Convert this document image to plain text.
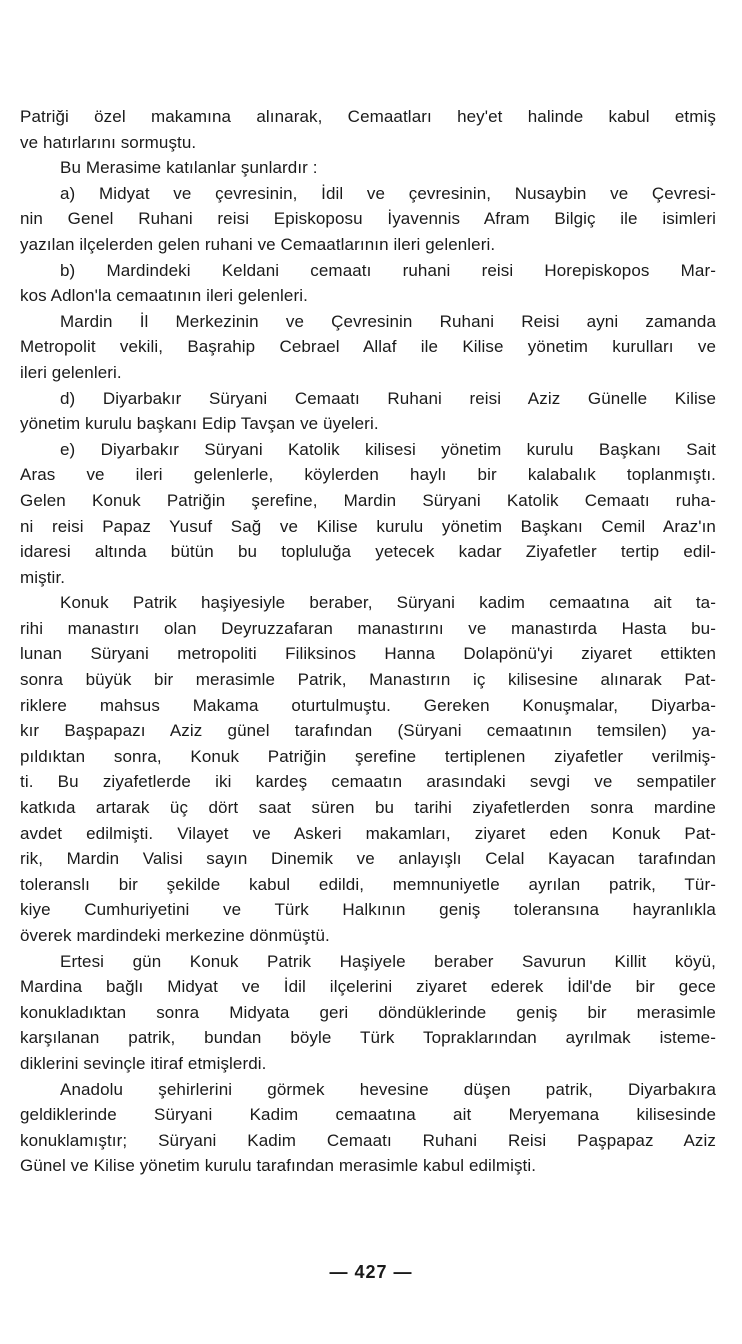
Patriği özel makamına alınarak, Cemaatları hey'et halinde kabul etmiş
ve hatırlarını sormuştu.
Bu Merasime katılanlar şunlardır :
a) Midyat ve çevresinin, İdil ve çevresinin, Nusaybin ve Çevresi-
nin Genel Ruhani reisi Episkoposu İyavennis Afram Bilgiç ile isimleri
yazılan ilçelerden gelen ruhani ve Cemaatlarının ileri gelenleri.
b) Mardindeki Keldani cemaatı ruhani reisi Horepiskopos Mar-
kos Adlon'la cemaatının ileri gelenleri.
Mardin İl Merkezinin ve Çevresinin Ruhani Reisi ayni zamanda
Metropolit vekili, Başrahip Cebrael Allaf ile Kilise yönetim kurulları ve
ileri gelenleri.
d) Diyarbakır Süryani Cemaatı Ruhani reisi Aziz Günelle Kilise
yönetim kurulu başkanı Edip Tavşan ve üyeleri.
e) Diyarbakır Süryani Katolik kilisesi yönetim kurulu Başkanı Sait
Aras ve ileri gelenlerle, köylerden haylı bir kalabalık toplanmıştı.
Gelen Konuk Patriğin şerefine, Mardin Süryani Katolik Cemaatı ruha-
ni reisi Papaz Yusuf Sağ ve Kilise kurulu yönetim Başkanı Cemil Araz'ın
idaresi altında bütün bu topluluğa yetecek kadar Ziyafetler tertip edil-
miştir.
Konuk Patrik haşiyesiyle beraber, Süryani kadim cemaatına ait ta-
rihi manastırı olan Deyruzzafaran manastırını ve manastırda Hasta bu-
lunan Süryani metropoliti Filiksinos Hanna Dolapönü'yi ziyaret ettikten
sonra büyük bir merasimle Patrik, Manastırın iç kilisesine alınarak Pat-
riklere mahsus Makama oturtulmuştu. Gereken Konuşmalar, Diyarba-
kır Başpapazı Aziz günel tarafından (Süryani cemaatının temsilen) ya-
pıldıktan sonra, Konuk Patriğin şerefine tertiplenen ziyafetler verilmiş-
ti. Bu ziyafetlerde iki kardeş cemaatın arasındaki sevgi ve sempatiler
katkıda artarak üç dört saat süren bu tarihi ziyafetlerden sonra mardine
avdet edilmişti. Vilayet ve Askeri makamları, ziyaret eden Konuk Pat-
rik, Mardin Valisi sayın Dinemik ve anlayışlı Celal Kayacan tarafından
toleranslı bir şekilde kabul edildi, memnuniyetle ayrılan patrik, Tür-
kiye Cumhuriyetini ve Türk Halkının geniş toleransına hayranlıkla
överek mardindeki merkezine dönmüştü.
Ertesi gün Konuk Patrik Haşiyele beraber Savurun Killit köyü,
Mardina bağlı Midyat ve İdil ilçelerini ziyaret ederek İdil'de bir gece
konukladıktan sonra Midyata geri döndüklerinde geniş bir merasimle
karşılanan patrik, bundan böyle Türk Topraklarından ayrılmak isteme-
diklerini sevinçle itiraf etmişlerdi.
Anadolu şehirlerini görmek hevesine düşen patrik, Diyarbakıra
geldiklerinde Süryani Kadim cemaatına ait Meryemana kilisesinde
konuklamıştır; Süryani Kadim Cemaatı Ruhani Reisi Paşpapaz Aziz
Günel ve Kilise yönetim kurulu tarafından merasimle kabul edilmişti.
— 427 —
